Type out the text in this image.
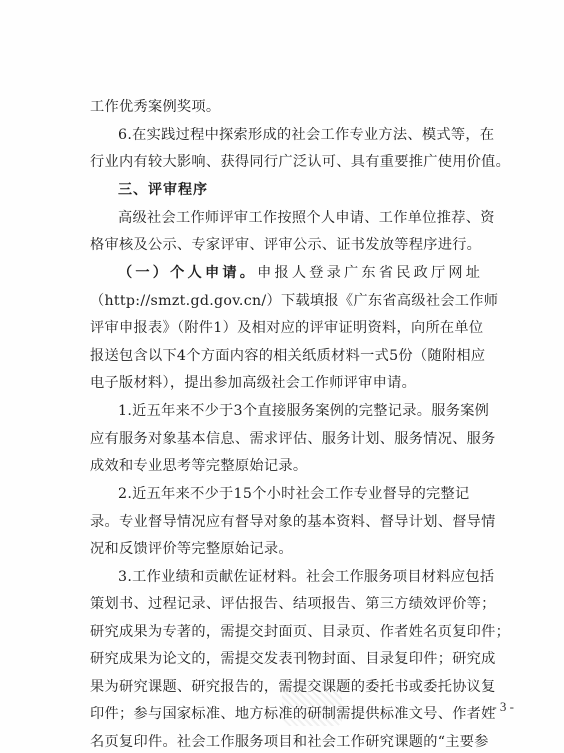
工作优秀案例奖项。
6.在实践过程中探索形成的社会工作专业方法、模式等，在
行业内有较大影响、获得同行广泛认可、具有重要推广使用价值。
三、评审程序
高级社会工作师评审工作按照个人申请、工作单位推荐、资
格审核及公示、专家评审、评审公示、证书发放等程序进行。
（一）个人申请。申报人登录广东省民政厅网址
（http://smzt.gd.gov.cn/）下载填报《广东省高级社会工作师
评审申报表》（附件1）及相对应的评审证明资料，向所在单位
报送包含以下4个方面内容的相关纸质材料一式5份（随附相应
电子版材料），提出参加高级社会工作师评审申请。
1.近五年来不少于3个直接服务案例的完整记录。服务案例
应有服务对象基本信息、需求评估、服务计划、服务情况、服务
成效和专业思考等完整原始记录。
2.近五年来不少于15个小时社会工作专业督导的完整记
录。专业督导情况应有督导对象的基本资料、督导计划、督导情
况和反馈评价等完整原始记录。
3.工作业绩和贡献佐证材料。社会工作服务项目材料应包括
策划书、过程记录、评估报告、结项报告、第三方绩效评价等；
研究成果为专著的，需提交封面页、目录页、作者姓名页复印件；
研究成果为论文的，需提交发表刊物封面、目录复印件；研究成
果为研究课题、研究报告的，需提交课题的委托书或委托协议复
印件；参与国家标准、地方标准的研制需提供标准文号、作者姓
名页复印件。社会工作服务项目和社会工作研究课题的“主要参
- 3 -
